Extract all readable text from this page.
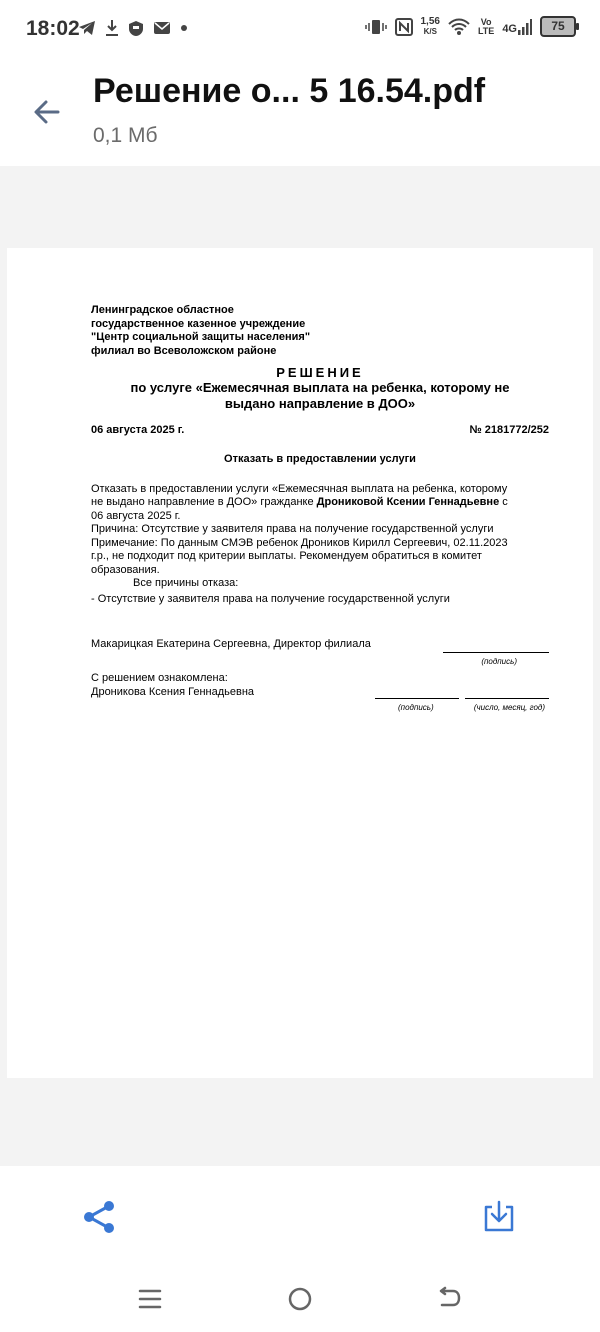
18:02	1,56
K/S
Vo
LTE 4G	75
Решение о... 5 16.54.pdf
0,1 Мб
Ленинградское областное
государственное казенное учреждение
"Центр социальной защиты населения"
филиал во Всеволожском районе
РЕШЕНИЕ
по услуге «Ежемесячная выплата на ребенка, которому не
выдано направление в ДОО»
06 августа 2025 г.	№ 2181772/252
Отказать в предоставлении услуги
Отказать в предоставлении услуги «Ежемесячная выплата на ребенка, которому
не выдано направление в ДОО» гражданке Дрониковой Ксении Геннадьевне с
06 августа 2025 г.
Причина: Отсутствие у заявителя права на получение государственной услуги
Примечание: По данным СМЭВ ребенок Дроников Кирилл Сергеевич, 02.11.2023
г.р., не подходит под критерии выплаты. Рекомендуем обратиться в комитет
образования.
Все причины отказа:
- Отсутствие у заявителя права на получение государственной услуги
Макарицкая Екатерина Сергеевна, Директор филиала
(подпись)
С решением ознакомлена:
Дроникова Ксения Геннадьевна
(подпись)	(число, месяц, год)
